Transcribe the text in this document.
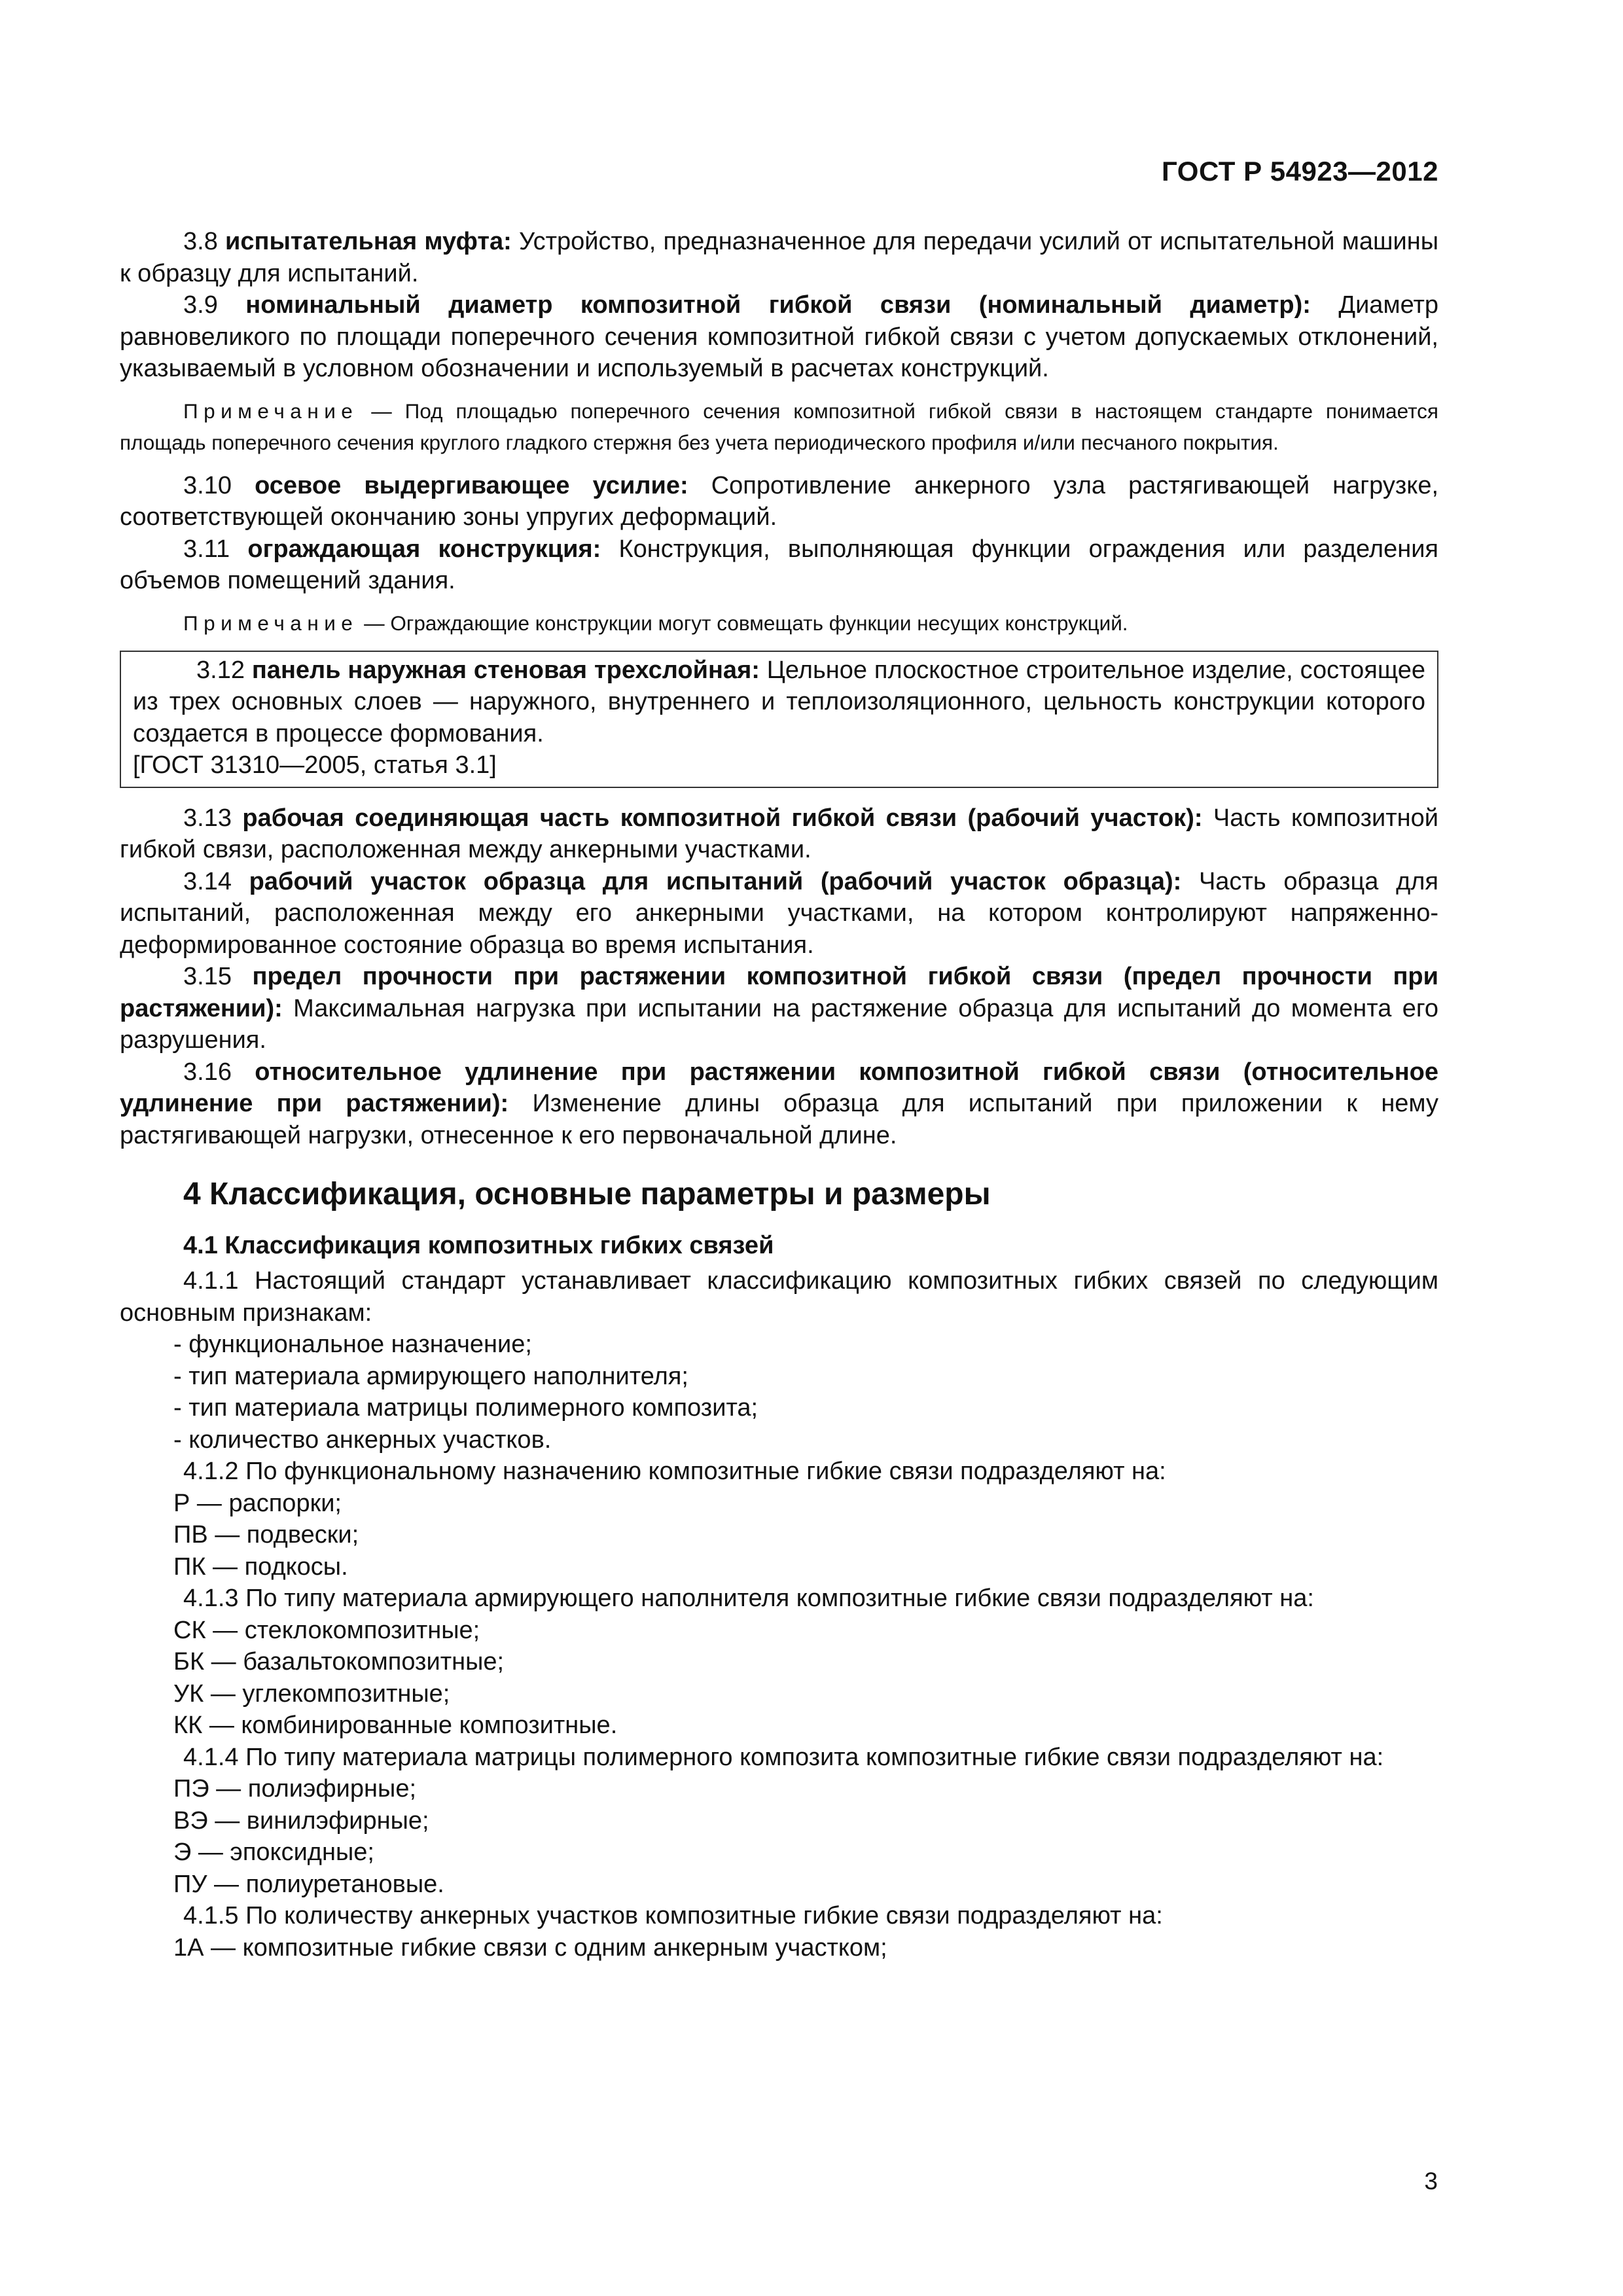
ГОСТ Р 54923—2012

3.8 испытательная муфта: Устройство, предназначенное для передачи усилий от испытательной машины к образцу для испытаний.

3.9 номинальный диаметр композитной гибкой связи (номинальный диаметр): Диаметр равновеликого по площади поперечного сечения композитной гибкой связи с учетом допускаемых отклонений, указываемый в условном обозначении и используемый в расчетах конструкций.

Примечание — Под площадью поперечного сечения композитной гибкой связи в настоящем стандарте понимается площадь поперечного сечения круглого гладкого стержня без учета периодического профиля и/или песчаного покрытия.

3.10 осевое выдергивающее усилие: Сопротивление анкерного узла растягивающей нагрузке, соответствующей окончанию зоны упругих деформаций.

3.11 ограждающая конструкция: Конструкция, выполняющая функции ограждения или разделения объемов помещений здания.

Примечание — Ограждающие конструкции могут совмещать функции несущих конструкций.

3.12 панель наружная стеновая трехслойная: Цельное плоскостное строительное изделие, состоящее из трех основных слоев — наружного, внутреннего и теплоизоляционного, цельность конструкции которого создается в процессе формования.

[ГОСТ 31310—2005, статья 3.1]

3.13 рабочая соединяющая часть композитной гибкой связи (рабочий участок): Часть композитной гибкой связи, расположенная между анкерными участками.

3.14 рабочий участок образца для испытаний (рабочий участок образца): Часть образца для испытаний, расположенная между его анкерными участками, на котором контролируют напряженно-деформированное состояние образца во время испытания.

3.15 предел прочности при растяжении композитной гибкой связи (предел прочности при растяжении): Максимальная нагрузка при испытании на растяжение образца для испытаний до момента его разрушения.

3.16 относительное удлинение при растяжении композитной гибкой связи (относительное удлинение при растяжении): Изменение длины образца для испытаний при приложении к нему растягивающей нагрузки, отнесенное к его первоначальной длине.

4 Классификация, основные параметры и размеры
4.1 Классификация композитных гибких связей

4.1.1 Настоящий стандарт устанавливает классификацию композитных гибких связей по следующим основным признакам:

- функциональное назначение;

- тип материала армирующего наполнителя;

- тип материала матрицы полимерного композита;

- количество анкерных участков.

4.1.2 По функциональному назначению композитные гибкие связи подразделяют на:

Р — распорки;

ПВ — подвески;

ПК — подкосы.

4.1.3 По типу материала армирующего наполнителя композитные гибкие связи подразделяют на:

СК — стеклокомпозитные;

БК — базальтокомпозитные;

УК — углекомпозитные;

КК — комбинированные композитные.

4.1.4 По типу материала матрицы полимерного композита композитные гибкие связи подразделяют на:

ПЭ — полиэфирные;

ВЭ — винилэфирные;

Э — эпоксидные;

ПУ — полиуретановые.

4.1.5 По количеству анкерных участков композитные гибкие связи подразделяют на:

1А — композитные гибкие связи с одним анкерным участком;

3
